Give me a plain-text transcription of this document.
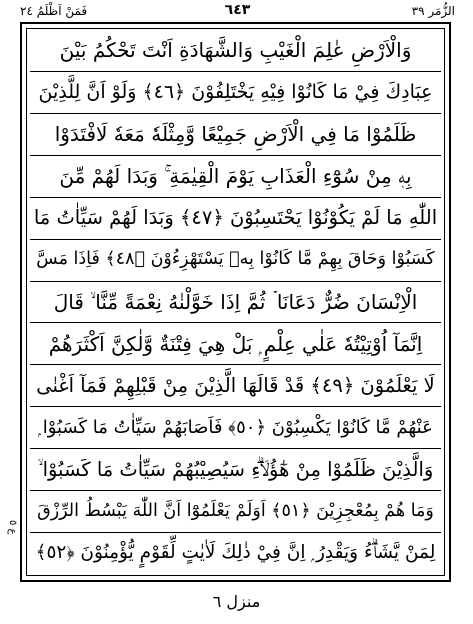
الزُّمَر ٣٩
٦٤٣
فَمَنْ اَظْلَمُ ٢٤
وَالْاَرْضِ عٰلِمَ الْغَيْبِ وَالشَّهَادَةِ اَنْتَ تَحْكُمُ بَيْنَ
عِبَادِكَ فِيْ مَا كَانُوْا فِيْهِ يَخْتَلِفُوْنَ ﴿٤٦﴾ وَلَوْ اَنَّ لِلَّذِيْنَ
ظَلَمُوْا مَا فِي الْاَرْضِ جَمِيْعًا وَّمِثْلَهٗ مَعَهٗ لَافْتَدَوْا
بِهٖ مِنْ سُوْٓءِ الْعَذَابِ يَوْمَ الْقِيٰمَةِ ۚ وَبَدَا لَهُمْ مِّنَ
اللّٰهِ مَا لَمْ يَكُوْنُوْا يَحْتَسِبُوْنَ ﴿٤٧﴾ وَبَدَا لَهُمْ سَيِّاٰتُ مَا
كَسَبُوْا وَحَاقَ بِهِمْ مَّا كَانُوْا بِهٖ يَسْتَهْزِءُوْنَ ﴿٤٨﴾ فَاِذَا مَسَّ
الْاِنْسَانَ ضُرٌّ دَعَانَا ۡ ثُمَّ اِذَا خَوَّلْنٰهُ نِعْمَةً مِّنَّا ۙ قَالَ
اِنَّمَآ اُوْتِيْتُهٗ عَلٰي عِلْمٍ ۭ بَلْ هِيَ فِتْنَةٌ وَّلٰكِنَّ اَكْثَرَهُمْ
لَا يَعْلَمُوْنَ ﴿٤٩﴾ قَدْ قَالَهَا الَّذِيْنَ مِنْ قَبْلِهِمْ فَمَآ اَغْنٰى
عَنْهُمْ مَّا كَانُوْا يَكْسِبُوْنَ ﴿٥٠﴾ فَاَصَابَهُمْ سَيِّاٰتُ مَا كَسَبُوْا ۭ
وَالَّذِيْنَ ظَلَمُوْا مِنْ هٰٓؤُلَاۗءِ سَيُصِيْبُهُمْ سَيِّاٰتُ مَا كَسَبُوْا ۙ
وَمَا هُمْ بِمُعْجِزِيْنَ ﴿٥١﴾ اَوَلَمْ يَعْلَمُوْٓا اَنَّ اللّٰهَ يَبْسُطُ الرِّزْقَ
لِمَنْ يَّشَاۗءُ وَيَقْدِرُ ۭ اِنَّ فِيْ ذٰلِكَ لَاٰيٰتٍ لِّقَوْمٍ يُّؤْمِنُوْنَ ﴿٥٢﴾
ع ٥
منزل ٦
